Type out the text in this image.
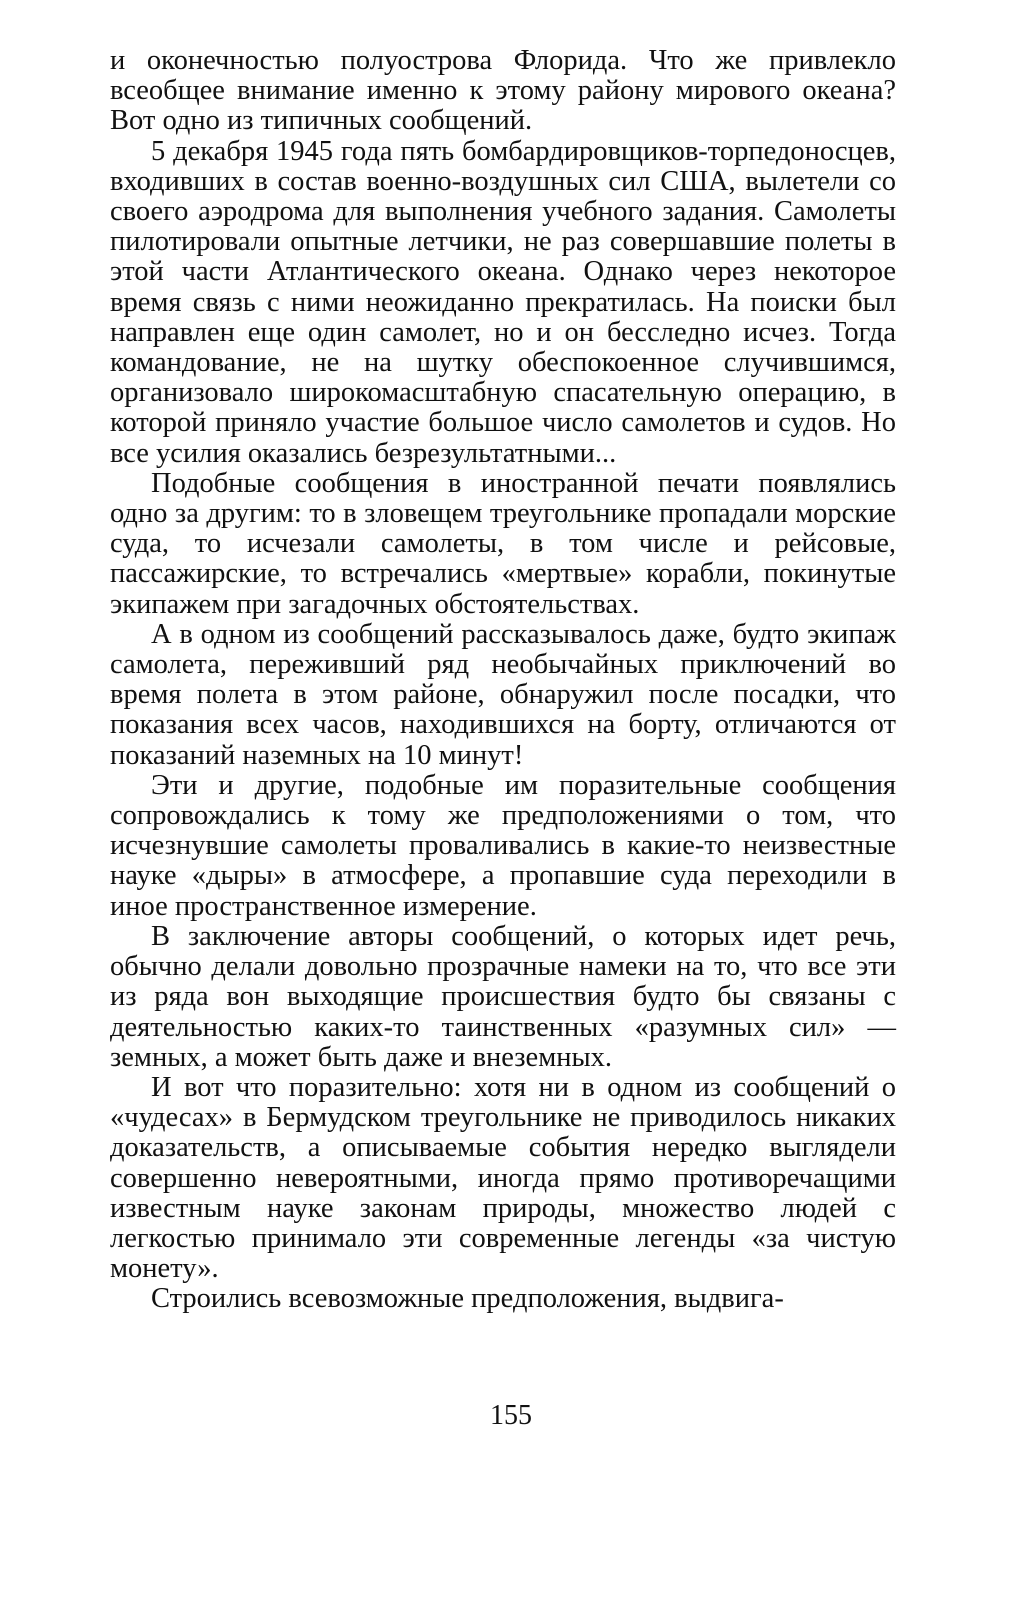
и оконечностью полуострова Флорида. Что же привлекло всеобщее внимание именно к этому району мирового океана? Вот одно из типичных сообщений.

5 декабря 1945 года пять бомбардировщиков-торпедоносцев, входивших в состав военно-воздушных сил США, вылетели со своего аэродрома для выполнения учебного задания. Самолеты пилотировали опытные летчики, не раз совершавшие полеты в этой части Атлантического океана. Однако через некоторое время связь с ними неожиданно прекратилась. На поиски был направлен еще один самолет, но и он бесследно исчез. Тогда командование, не на шутку обеспокоенное случившимся, организовало широкомасштабную спасательную операцию, в которой приняло участие большое число самолетов и судов. Но все усилия оказались безрезультатными...

Подобные сообщения в иностранной печати появлялись одно за другим: то в зловещем треугольнике пропадали морские суда, то исчезали самолеты, в том числе и рейсовые, пассажирские, то встречались «мертвые» корабли, покинутые экипажем при загадочных обстоятельствах.

А в одном из сообщений рассказывалось даже, будто экипаж самолета, переживший ряд необычайных приключений во время полета в этом районе, обнаружил после посадки, что показания всех часов, находившихся на борту, отличаются от показаний наземных на 10 минут!

Эти и другие, подобные им поразительные сообщения сопровождались к тому же предположениями о том, что исчезнувшие самолеты проваливались в какие-то неизвестные науке «дыры» в атмосфере, а пропавшие суда переходили в иное пространственное измерение.

В заключение авторы сообщений, о которых идет речь, обычно делали довольно прозрачные намеки на то, что все эти из ряда вон выходящие происшествия будто бы связаны с деятельностью каких-то таинственных «разумных сил» — земных, а может быть даже и внеземных.

И вот что поразительно: хотя ни в одном из сообщений о «чудесах» в Бермудском треугольнике не приводилось никаких доказательств, а описываемые события нередко выглядели совершенно невероятными, иногда прямо противоречащими известным науке законам природы, множество людей с легкостью принимало эти современные легенды «за чистую монету».

Строились всевозможные предположения, выдвига-

155
